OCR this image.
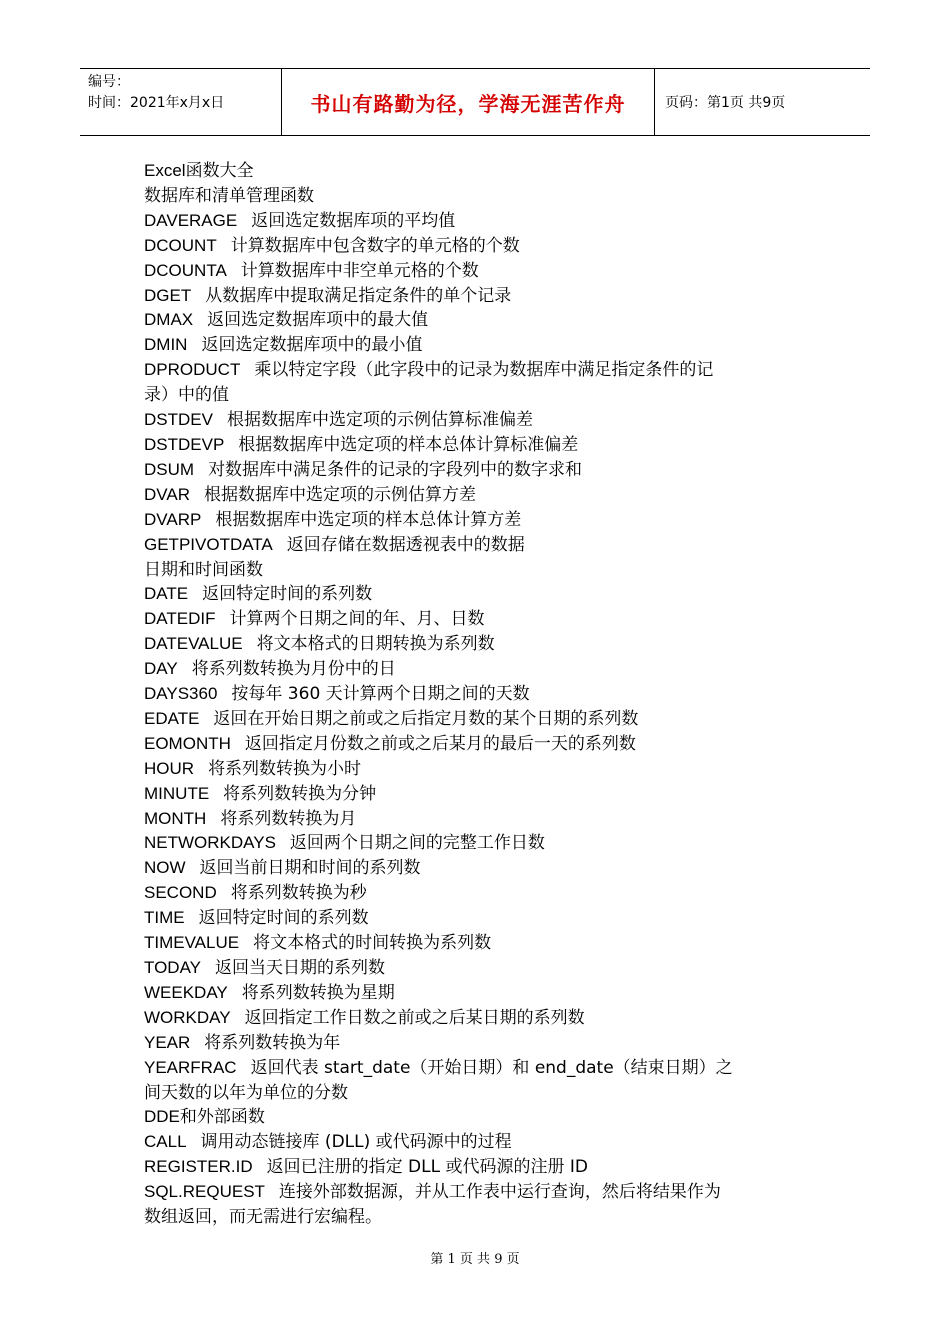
编号：
时间：2021年x月x日	书山有路勤为径，学海无涯苦作舟	页码：第1页 共9页
Excel函数大全
数据库和清单管理函数
DAVERAGE 返回选定数据库项的平均值
DCOUNT 计算数据库中包含数字的单元格的个数
DCOUNTA 计算数据库中非空单元格的个数
DGET 从数据库中提取满足指定条件的单个记录
DMAX 返回选定数据库项中的最大值
DMIN 返回选定数据库项中的最小值
DPRODUCT 乘以特定字段（此字段中的记录为数据库中满足指定条件的记
录）中的值
DSTDEV 根据数据库中选定项的示例估算标准偏差
DSTDEVP 根据数据库中选定项的样本总体计算标准偏差
DSUM 对数据库中满足条件的记录的字段列中的数字求和
DVAR 根据数据库中选定项的示例估算方差
DVARP 根据数据库中选定项的样本总体计算方差
GETPIVOTDATA 返回存储在数据透视表中的数据
日期和时间函数
DATE 返回特定时间的系列数
DATEDIF 计算两个日期之间的年、月、日数
DATEVALUE 将文本格式的日期转换为系列数
DAY 将系列数转换为月份中的日
DAYS360 按每年 360 天计算两个日期之间的天数
EDATE 返回在开始日期之前或之后指定月数的某个日期的系列数
EOMONTH 返回指定月份数之前或之后某月的最后一天的系列数
HOUR 将系列数转换为小时
MINUTE 将系列数转换为分钟
MONTH 将系列数转换为月
NETWORKDAYS 返回两个日期之间的完整工作日数
NOW 返回当前日期和时间的系列数
SECOND 将系列数转换为秒
TIME 返回特定时间的系列数
TIMEVALUE 将文本格式的时间转换为系列数
TODAY 返回当天日期的系列数
WEEKDAY 将系列数转换为星期
WORKDAY 返回指定工作日数之前或之后某日期的系列数
YEAR 将系列数转换为年
YEARFRAC 返回代表 start_date（开始日期）和 end_date（结束日期）之
间天数的以年为单位的分数
DDE和外部函数
CALL 调用动态链接库 (DLL) 或代码源中的过程
REGISTER.ID 返回已注册的指定 DLL 或代码源的注册 ID
SQL.REQUEST 连接外部数据源，并从工作表中运行查询，然后将结果作为
数组返回，而无需进行宏编程。
第 1 页 共 9 页
